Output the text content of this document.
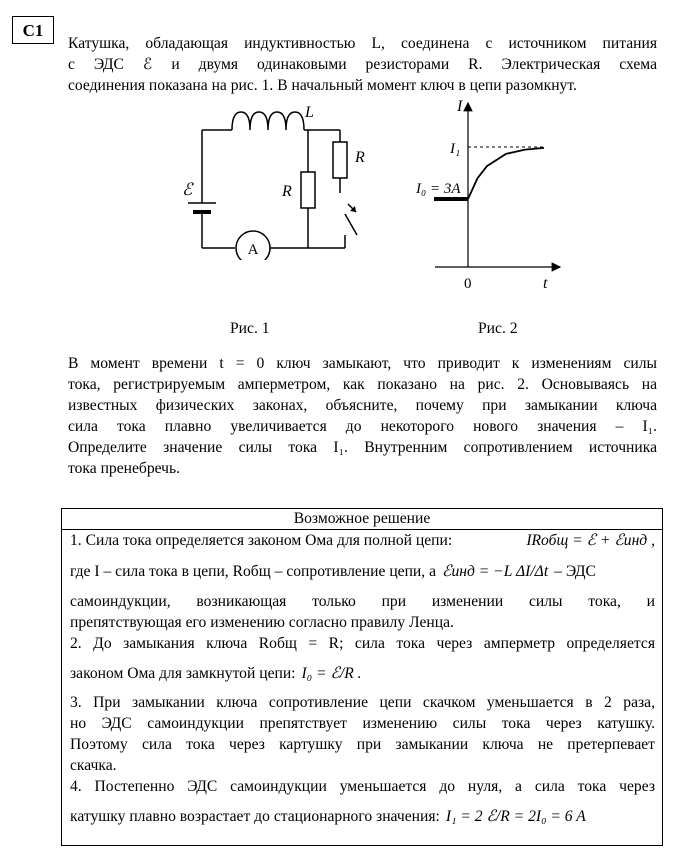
C1
Катушка, обладающая индуктивностью L, соединена с источником питания
с ЭДС ℰ и двумя одинаковыми резисторами R. Электрическая схема
соединения показана на рис. 1. В начальный момент ключ в цепи разомкнут.
A
L
R
R
ℰ
Рис. 1
I
t
0
I₁
I₀ = 3A
Рис. 2
В момент времени t = 0 ключ замыкают, что приводит к изменениям силы
тока, регистрируемым амперметром, как показано на рис. 2. Основываясь на
известных физических законах, объясните, почему при замыкании ключа
сила тока плавно увеличивается до некоторого нового значения – I₁.
Определите значение силы тока I₁. Внутренним сопротивлением источника
тока пренебречь.
Возможное решение
1. Сила тока определяется законом Ома для полной цепи:	IRобщ = ℰ + ℰинд ,
где I – сила тока в цепи, Rобщ – сопротивление цепи, а ℰинд = −L ΔI/Δt – ЭДС
самоиндукции, возникающая только при изменении силы тока, и
препятствующая его изменению согласно правилу Ленца.
2. До замыкания ключа Rобщ = R; сила тока через амперметр определяется
законом Ома для замкнутой цепи: I₀ = ℰ/R .
3. При замыкании ключа сопротивление цепи скачком уменьшается в 2 раза,
но ЭДС самоиндукции препятствует изменению силы тока через катушку.
Поэтому сила тока через картушку при замыкании ключа не претерпевает
скачка.
4. Постепенно ЭДС самоиндукции уменьшается до нуля, а сила тока через
катушку плавно возрастает до стационарного значения: I₁ = 2 ℰ/R = 2I₀ = 6 A
